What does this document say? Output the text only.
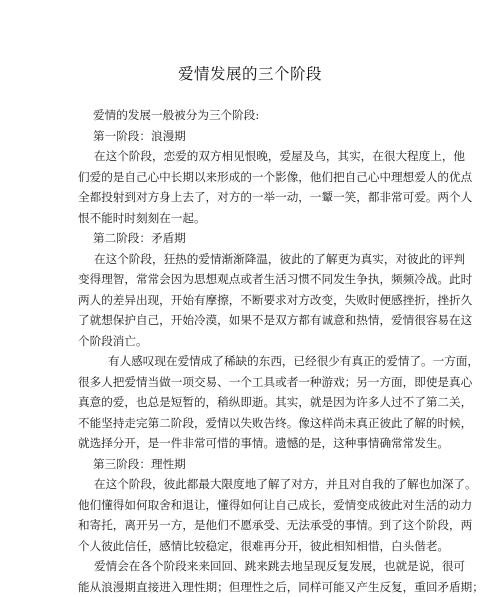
爱情发展的三个阶段
爱情的发展一般被分为三个阶段:
第一阶段：浪漫期
在这个阶段，恋爱的双方相见恨晚，爱屋及乌，其实，在很大程度上，他
们爱的是自己心中长期以来形成的一个影像，他们把自己心中理想爱人的优点
全都投射到对方身上去了，对方的一举一动，一颦一笑，都非常可爱。两个人
恨不能时时刻刻在一起。
第二阶段：矛盾期
在这个阶段，狂热的爱情渐渐降温，彼此的了解更为真实，对彼此的评判
变得理智，常常会因为思想观点或者生活习惯不同发生争执，频频冷战。此时
两人的差异出现，开始有摩擦，不断要求对方改变，失败时便感挫折，挫折久
了就想保护自己，开始冷漠，如果不是双方都有诚意和热情，爱情很容易在这
个阶段消亡。
有人感叹现在爱情成了稀缺的东西，已经很少有真正的爱情了。一方面，
很多人把爱情当做一项交易、一个工具或者一种游戏；另一方面，即使是真心
真意的爱，也总是短暂的，稍纵即逝。其实，就是因为许多人过不了第二关，
不能坚持走完第二阶段，爱情以失败告终。像这样尚未真正彼此了解的时候，
就选择分开，是一件非常可惜的事情。遗憾的是，这种事情确常常发生。
第三阶段：理性期
在这个阶段，彼此都最大限度地了解了对方，并且对自我的了解也加深了。
他们懂得如何取舍和退让，懂得如何让自己成长，爱情变成彼此对生活的动力
和寄托，离开另一方，是他们不愿承受、无法承受的事情。到了这个阶段，两
个人彼此信任，感情比较稳定，很难再分开，彼此相知相惜，白头偕老。
爱情会在各个阶段来来回回、跳来跳去地呈现反复发展，也就是说，很可
能从浪漫期直接进入理性期；但理性之后，同样可能又产生反复，重回矛盾期；
